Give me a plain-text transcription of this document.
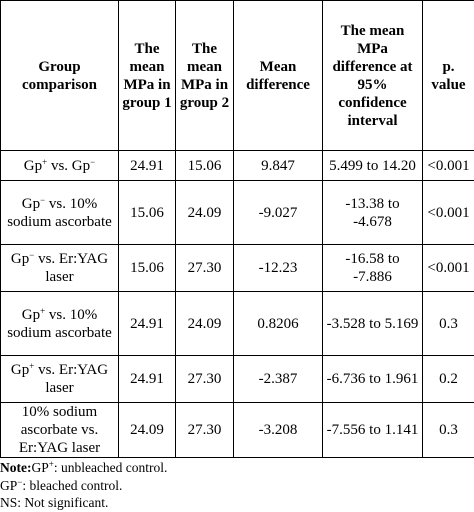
Group comparison	The mean MPa in group 1	The mean MPa in group 2	Mean difference	The mean MPa difference at 95% confidence interval	p. value
Gp+ vs. Gp−	24.91	15.06	9.847	5.499 to 14.20	<0.001
Gp− vs. 10% sodium ascorbate	15.06	24.09	-9.027	-13.38 to -4.678	<0.001
Gp− vs. Er:YAG laser	15.06	27.30	-12.23	-16.58 to -7.886	<0.001
Gp+ vs. 10% sodium ascorbate	24.91	24.09	0.8206	-3.528 to 5.169	0.3
Gp+ vs. Er:YAG laser	24.91	27.30	-2.387	-6.736 to 1.961	0.2
10% sodium ascorbate vs. Er:YAG laser	24.09	27.30	-3.208	-7.556 to 1.141	0.3
Note:GP+: unbleached control.
GP−: bleached control.
NS: Not significant.
